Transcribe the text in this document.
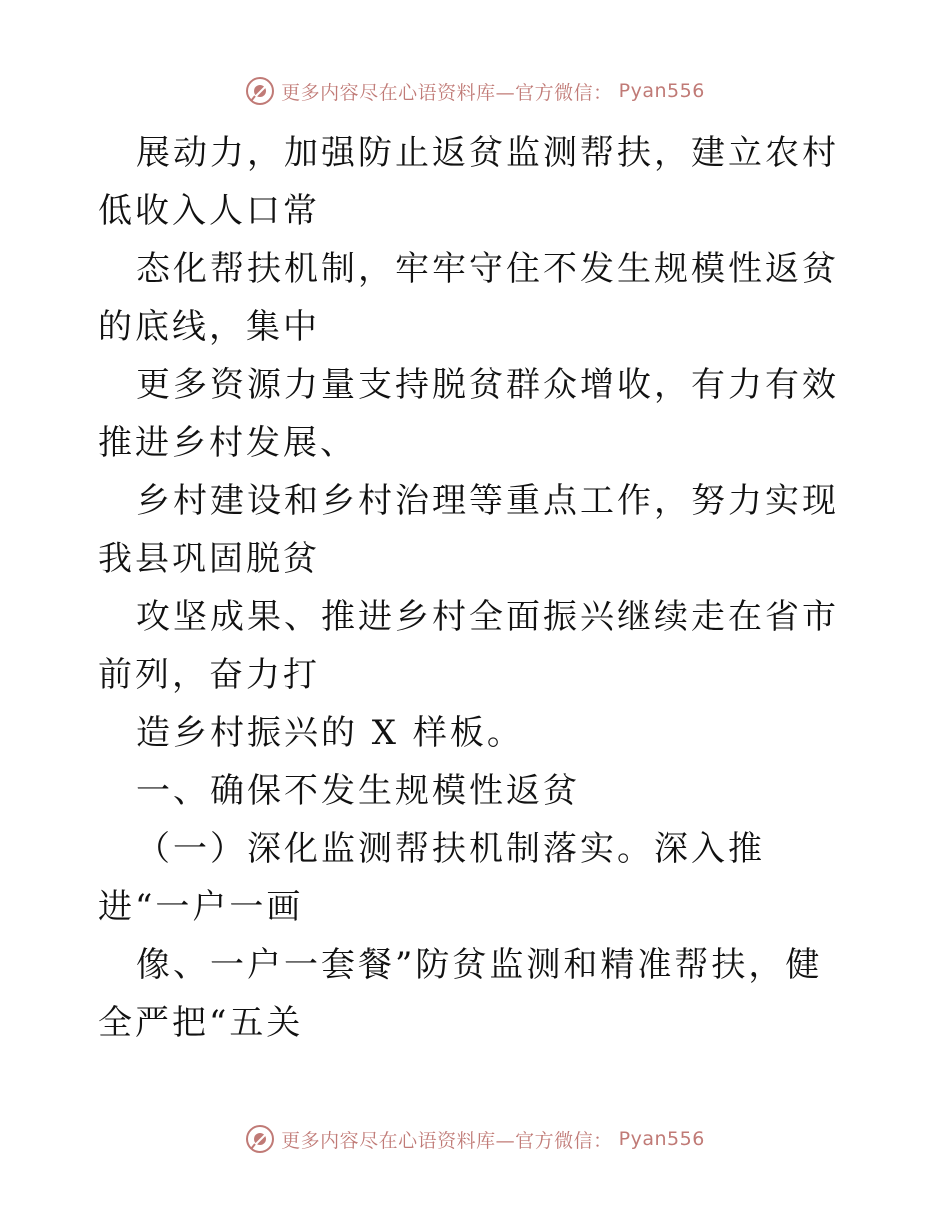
更多内容尽在心语资料库—官方微信： Pyan556

展动力，加强防止返贫监测帮扶，建立农村低收入人口常

态化帮扶机制，牢牢守住不发生规模性返贫的底线，集中

更多资源力量支持脱贫群众增收，有力有效推进乡村发展、

乡村建设和乡村治理等重点工作，努力实现我县巩固脱贫

攻坚成果、推进乡村全面振兴继续走在省市前列，奋力打

造乡村振兴的 X 样板。

一、确保不发生规模性返贫

（一）深化监测帮扶机制落实。深入推进“一户一画

像、一户一套餐”防贫监测和精准帮扶，健全严把“五关

更多内容尽在心语资料库—官方微信： Pyan556
